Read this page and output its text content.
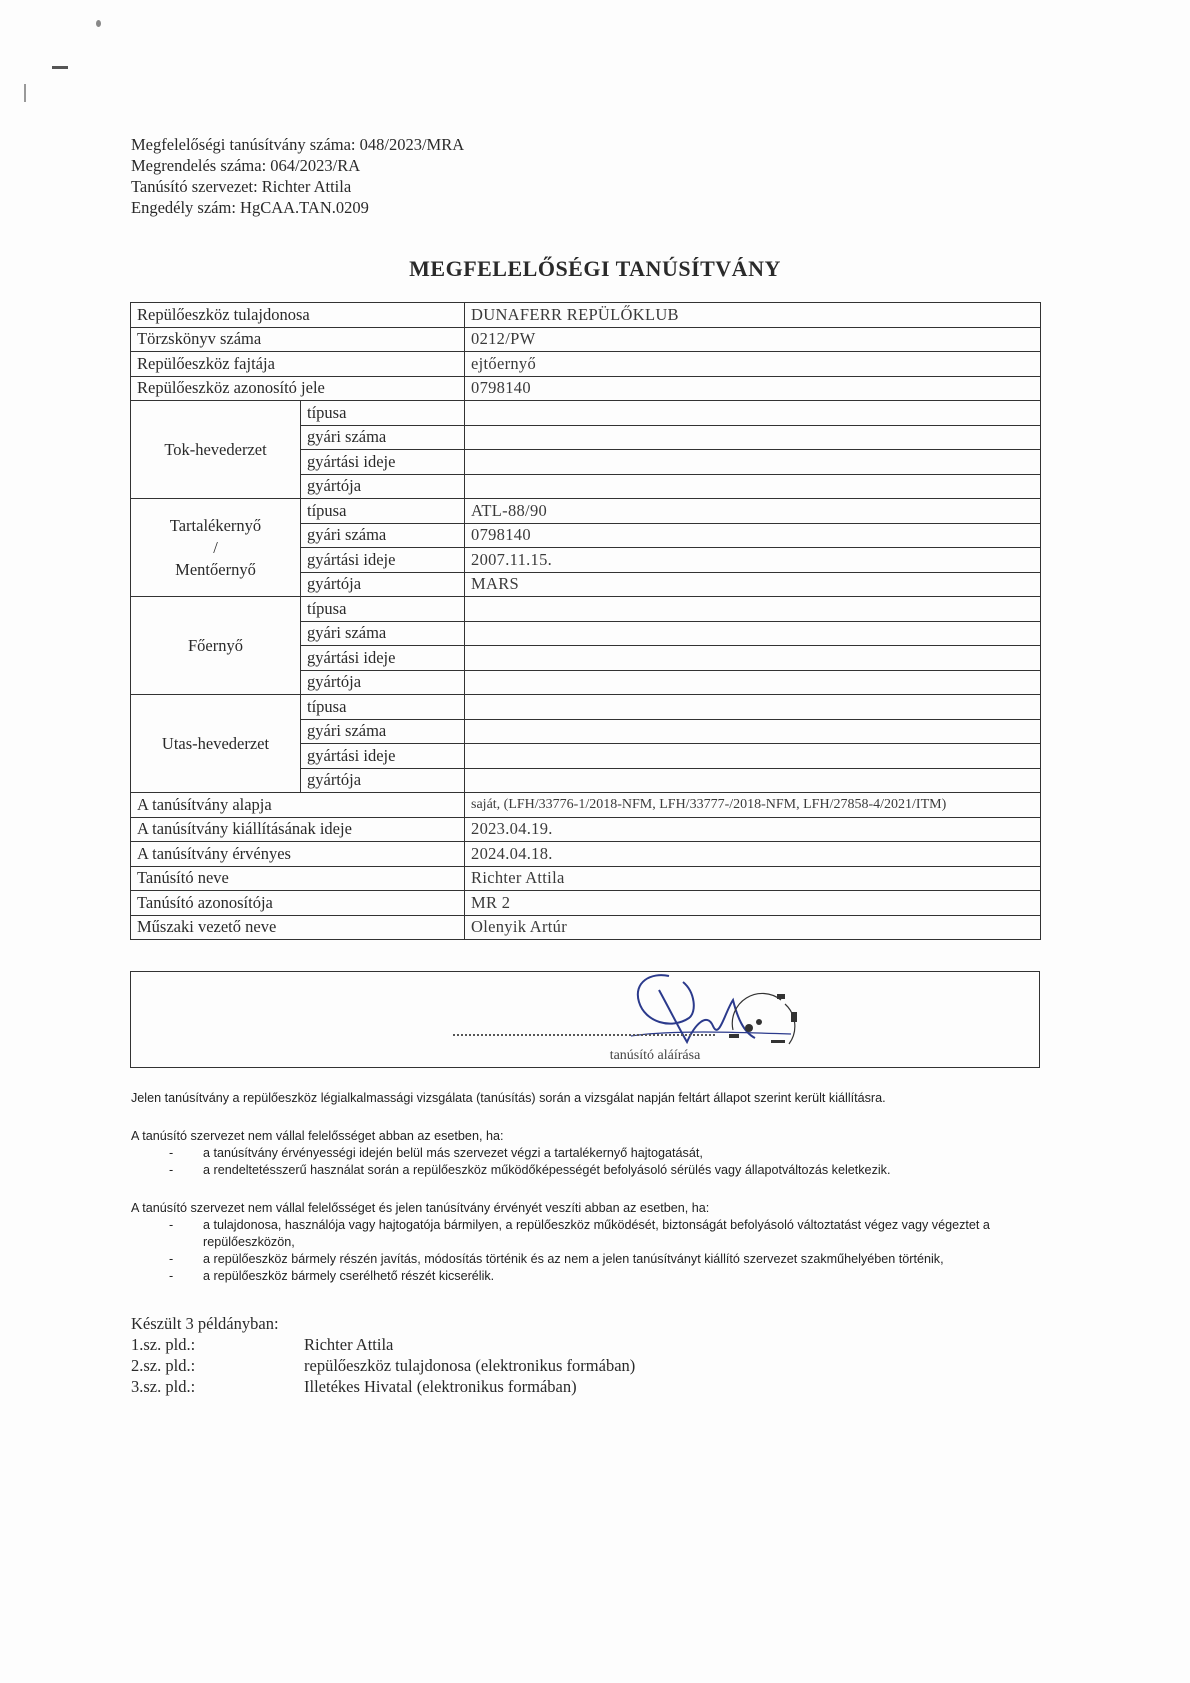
Megfelelőségi tanúsítvány száma: 048/2023/MRA
Megrendelés száma: 064/2023/RA
Tanúsító szervezet: Richter Attila
Engedély szám: HgCAA.TAN.0209
MEGFELELŐSÉGI TANÚSÍTVÁNY
Repülőeszköz tulajdonosa		DUNAFERR REPÜLŐKLUB
Törzskönyv száma		0212/PW
Repülőeszköz fajtája		ejtőernyő
Repülőeszköz azonosító jele		0798140
Tok-hevederzet	típusa	
	gyári száma	
	gyártási ideje	
	gyártója	

Tartalékernyő
/
Mentőernyő	típusa	ATL-88/90
	gyári száma	0798140
	gyártási ideje	2007.11.15.
	gyártója	MARS
Főernyő	típusa	
	gyári száma	
	gyártási ideje	
	gyártója	
Utas-hevederzet	típusa	
	gyári száma	
	gyártási ideje	
	gyártója	
A tanúsítvány alapja		saját, (LFH/33776-1/2018-NFM, LFH/33777-/2018-NFM, LFH/27858-4/2021/ITM)
A tanúsítvány kiállításának ideje		2023.04.19.
A tanúsítvány érvényes		2024.04.18.
Tanúsító neve		Richter Attila
Tanúsító azonosítója		MR 2
Műszaki vezető neve		Olenyik Artúr
tanúsító aláírása
Jelen tanúsítvány a repülőeszköz légialkalmassági vizsgálata (tanúsítás) során a vizsgálat napján feltárt állapot szerint került kiállításra.
A tanúsító szervezet nem vállal felelősséget abban az esetben, ha:
- a tanúsítvány érvényességi idején belül más szervezet végzi a tartalékernyő hajtogatását,
- a rendeltetésszerű használat során a repülőeszköz működőképességét befolyásoló sérülés vagy állapotváltozás keletkezik.
A tanúsító szervezet nem vállal felelősséget és jelen tanúsítvány érvényét veszíti abban az esetben, ha:
- a tulajdonosa, használója vagy hajtogatója bármilyen, a repülőeszköz működését, biztonságát befolyásoló változtatást végez vagy végeztet a repülőeszközön,
- a repülőeszköz bármely részén javítás, módosítás történik és az nem a jelen tanúsítványt kiállító szervezet szakműhelyében történik,
- a repülőeszköz bármely cserélhető részét kicserélik.
Készült 3 példányban:
1.sz. pld.:	Richter Attila
2.sz. pld.:	repülőeszköz tulajdonosa (elektronikus formában)
3.sz. pld.:	Illetékes Hivatal (elektronikus formában)
